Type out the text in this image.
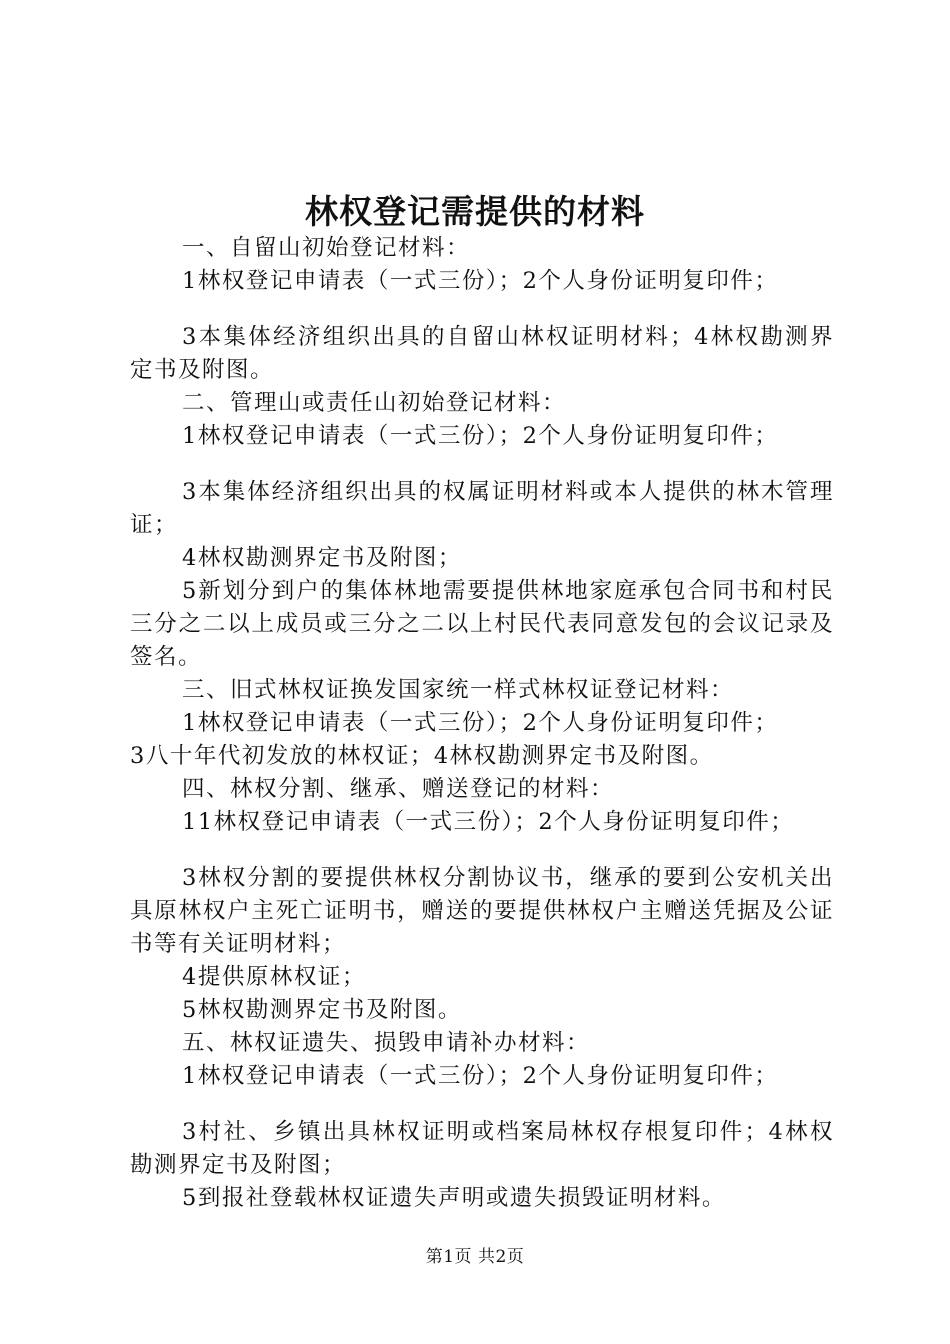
林权登记需提供的材料

一、自留山初始登记材料：

1林权登记申请表（一式三份）；2个人身份证明复印件；

3本集体经济组织出具的自留山林权证明材料；4林权勘测界定书及附图。

二、管理山或责任山初始登记材料：

1林权登记申请表（一式三份）；2个人身份证明复印件；

3本集体经济组织出具的权属证明材料或本人提供的林木管理证；

4林权勘测界定书及附图；

5新划分到户的集体林地需要提供林地家庭承包合同书和村民三分之二以上成员或三分之二以上村民代表同意发包的会议记录及签名。

三、旧式林权证换发国家统一样式林权证登记材料：

1林权登记申请表（一式三份）；2个人身份证明复印件；

3八十年代初发放的林权证；4林权勘测界定书及附图。

四、林权分割、继承、赠送登记的材料：

11林权登记申请表（一式三份）；2个人身份证明复印件；

3林权分割的要提供林权分割协议书，继承的要到公安机关出具原林权户主死亡证明书，赠送的要提供林权户主赠送凭据及公证书等有关证明材料；

4提供原林权证；

5林权勘测界定书及附图。

五、林权证遗失、损毁申请补办材料：

1林权登记申请表（一式三份）；2个人身份证明复印件；

3村社、乡镇出具林权证明或档案局林权存根复印件；4林权勘测界定书及附图；

5到报社登载林权证遗失声明或遗失损毁证明材料。

第1页 共2页
